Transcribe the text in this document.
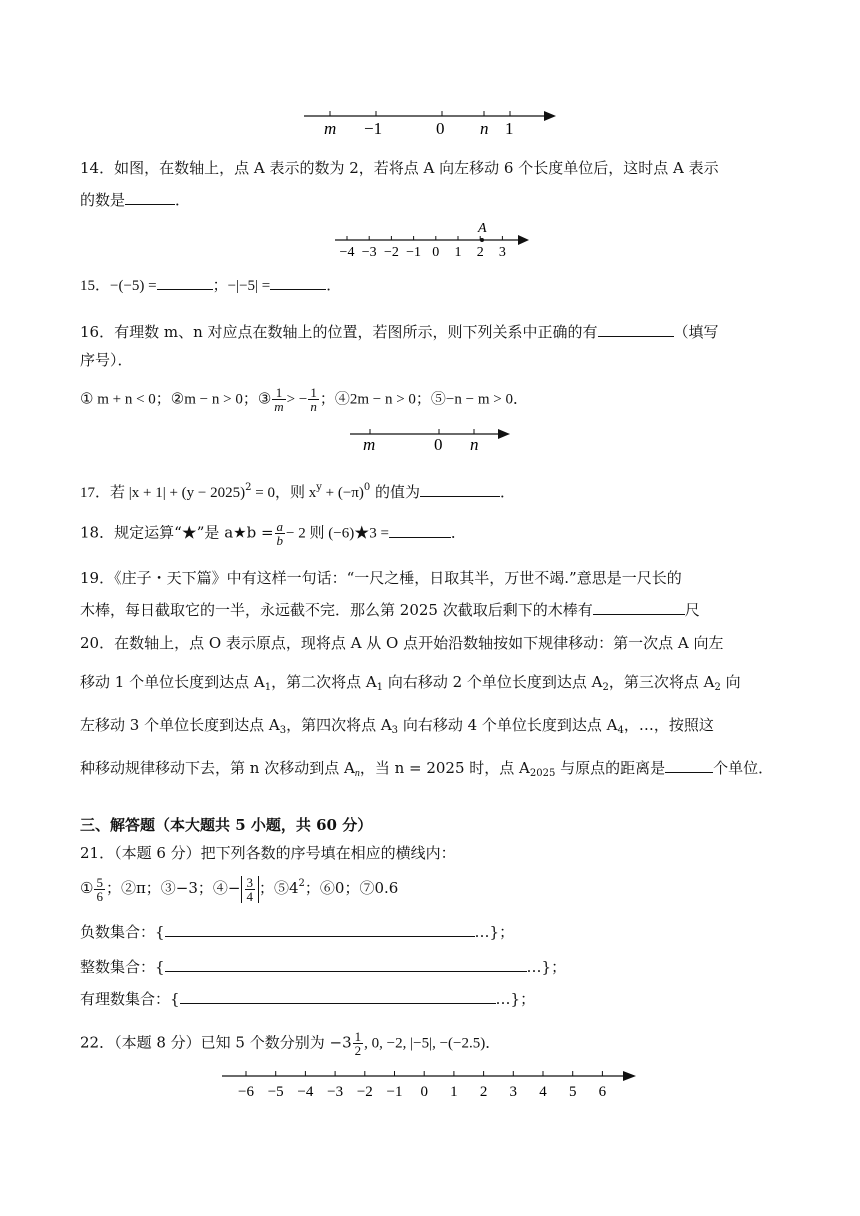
m −1	0 n 1
14．如图，在数轴上，点 A 表示的数为 2，若将点 A 向左移动 6 个长度单位后，这时点 A 表示
的数是	．
−4 −3 −2 −1 0 1 2 3
A
15．−(−5) =	；−|−5| =	．
16．有理数 m、n 对应点在数轴上的位置，若图所示，则下列关系中正确的有	（填写
序号）．
① m + n < 0；②m − n > 0；③ $\frac{1}{m}$ > − $\frac{1}{n}$ ；④2m − n > 0；⑤−n − m > 0．
m	0 n
17．若 $|x + 1| + (y - 2025)^2 = 0$，则 $x^y + (-\pi)^0$ 的值为	．
18．规定运算“★”是 a★b = $\frac{a}{b} - 2$ 则 (−6)★3 =	．
19．《庄子・天下篇》中有这样一句话：“一尺之棰，日取其半，万世不竭.”意思是一尺长的
木棒，每日截取它的一半，永远截不完．那么第 2025 次截取后剩下的木棒有	尺
20．在数轴上，点 O 表示原点，现将点 A 从 O 点开始沿数轴按如下规律移动：第一次点 A 向左
移动 1 个单位长度到达点 $A_1$，第二次将点 $A_1$ 向右移动 2 个单位长度到达点 $A_2$，第三次将点 $A_2$ 向
左移动 3 个单位长度到达点 $A_3$，第四次将点 $A_3$ 向右移动 4 个单位长度到达点 $A_4$，…，按照这
种移动规律移动下去，第 n 次移动到点 $A_n$，当 n = 2025 时，点 $A_{2025}$ 与原点的距离是	个单位．
三、解答题（本大题共 5 小题，共 60 分）
21．（本题 6 分）把下列各数的序号填在相应的横线内：
① $\frac{5}{6}$ ；②π；③−3；④− $\frac{3}{4}$ ；$⑤4^2$；⑥0；⑦0.6
负数集合：{	…}；
整数集合：{	…}；
有理数集合：{	…}；
22．（本题 8 分）已知 5 个数分别为 $-3 \frac{1}{2}$ , 0, −2, |−5|, −(−2.5)．
−6 −5 −4 −3 −2 −1 0 1 2 3 4 5 6
